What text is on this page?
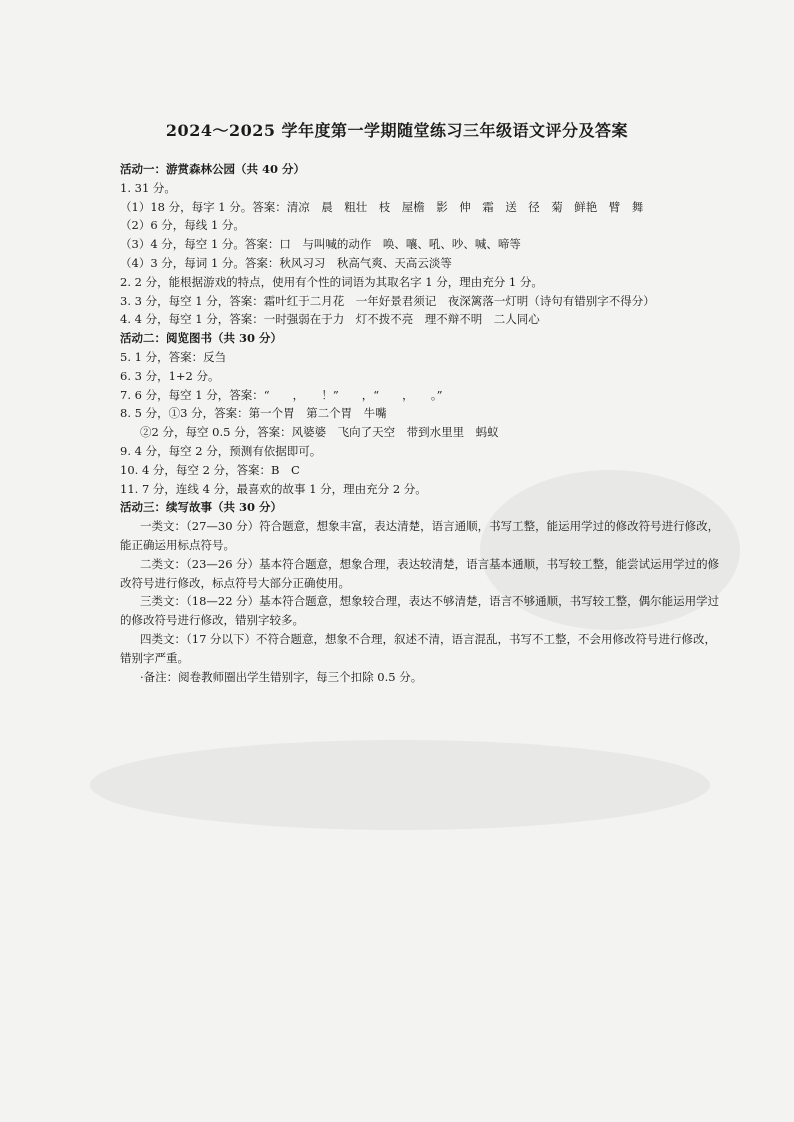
2024～2025 学年度第一学期随堂练习三年级语文评分及答案
活动一：游赏森林公园（共 40 分）
1. 31 分。
（1）18 分，每字 1 分。答案：清凉　晨　粗壮　枝　屋檐　影　伸　霜　送　径　菊　鲜艳　臂　舞
（2）6 分，每线 1 分。
（3）4 分，每空 1 分。答案：口　与叫喊的动作　唤、嚷、吼、吵、喊、啼等
（4）3 分，每词 1 分。答案：秋风习习　秋高气爽、天高云淡等
2. 2 分，能根据游戏的特点，使用有个性的词语为其取名字 1 分，理由充分 1 分。
3. 3 分，每空 1 分，答案：霜叶红于二月花　一年好景君须记　夜深篱落一灯明（诗句有错别字不得分）
4. 4 分，每空 1 分，答案：一时强弱在于力　灯不拨不亮　理不辩不明　二人同心
活动二：阅览图书（共 30 分）
5. 1 分，答案：反刍
6. 3 分，1+2 分。
7. 6 分，每空 1 分，答案：“　　，　　！”　　，“　　，　　。”
8. 5 分，①3 分，答案：第一个胃　第二个胃　牛嘴
②2 分，每空 0.5 分，答案：风婆婆　飞向了天空　带到水里里　蚂蚁
9. 4 分，每空 2 分，预测有依据即可。
10. 4 分，每空 2 分，答案：B　C
11. 7 分，连线 4 分，最喜欢的故事 1 分，理由充分 2 分。
活动三：续写故事（共 30 分）
一类文：（27—30 分）符合题意，想象丰富，表达清楚，语言通顺，书写工整，能运用学过的修改符号进行修改，能正确运用标点符号。
二类文：（23—26 分）基本符合题意，想象合理，表达较清楚，语言基本通顺，书写较工整，能尝试运用学过的修改符号进行修改，标点符号大部分正确使用。
三类文：（18—22 分）基本符合题意，想象较合理，表达不够清楚，语言不够通顺，书写较工整，偶尔能运用学过的修改符号进行修改，错别字较多。
四类文：（17 分以下）不符合题意，想象不合理，叙述不清，语言混乱，书写不工整，不会用修改符号进行修改，错别字严重。
·备注：阅卷教师圈出学生错别字，每三个扣除 0.5 分。
